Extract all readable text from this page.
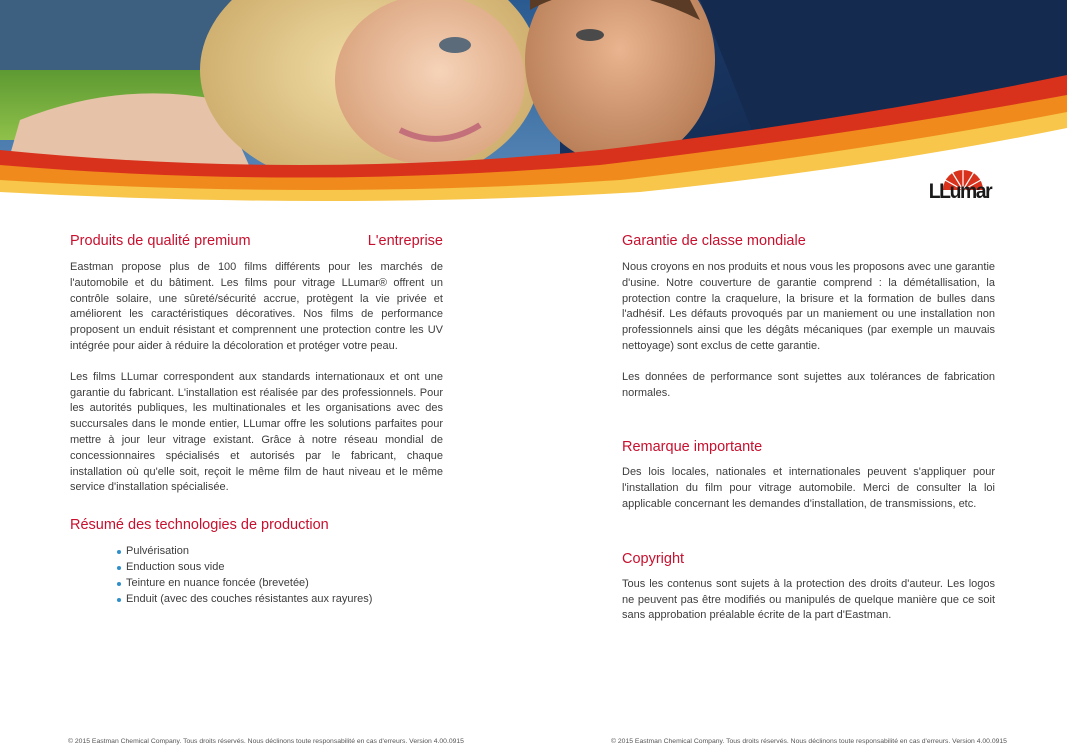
LLumar
Produits de qualité premium	L'entreprise

Eastman propose plus de 100 films différents pour les marchés de l'automobile et du bâtiment. Les films pour vitrage LLumar® offrent un contrôle solaire, une sûreté/sécurité accrue, protègent la vie privée et améliorent les caractéristiques décoratives. Nos films de performance proposent un enduit résistant et comprennent une protection contre les UV intégrée pour aider à réduire la décoloration et protéger votre peau.

Les films LLumar correspondent aux standards internationaux et ont une garantie du fabricant. L'installation est réalisée par des professionnels. Pour les autorités publiques, les multinationales et les organisations avec des succursales dans le monde entier, LLumar offre les solutions parfaites pour mettre à jour leur vitrage existant. Grâce à notre réseau mondial de concessionnaires spécialisés et autorisés par le fabricant, chaque installation où qu'elle soit, reçoit le même film de haut niveau et le même service d'installation spécialisée.

Résumé des technologies de production
Pulvérisation
Enduction sous vide
Teinture en nuance foncée (brevetée)
Enduit (avec des couches résistantes aux rayures)
Garantie de classe mondiale

Nous croyons en nos produits et nous vous les proposons avec une garantie d'usine. Notre couverture de garantie comprend : la démétallisation, la protection contre la craquelure, la brisure et la formation de bulles dans l'adhésif. Les défauts provoqués par un maniement ou une installation non professionnels ainsi que les dégâts mécaniques (par exemple un mauvais nettoyage) sont exclus de cette garantie.

Les données de performance sont sujettes aux tolérances de fabrication normales.

Remarque importante

Des lois locales, nationales et internationales peuvent s'appliquer pour l'installation du film pour vitrage automobile. Merci de consulter la loi applicable concernant les demandes d'installation, de transmissions, etc.

Copyright

Tous les contenus sont sujets à la protection des droits d'auteur. Les logos ne peuvent pas être modifiés ou manipulés de quelque manière que ce soit sans approbation préalable écrite de la part d'Eastman.

© 2015 Eastman Chemical Company. Tous droits réservés. Nous déclinons toute responsabilité en cas d'erreurs. Version 4.00.0915	© 2015 Eastman Chemical Company. Tous droits réservés. Nous déclinons toute responsabilité en cas d'erreurs. Version 4.00.0915
